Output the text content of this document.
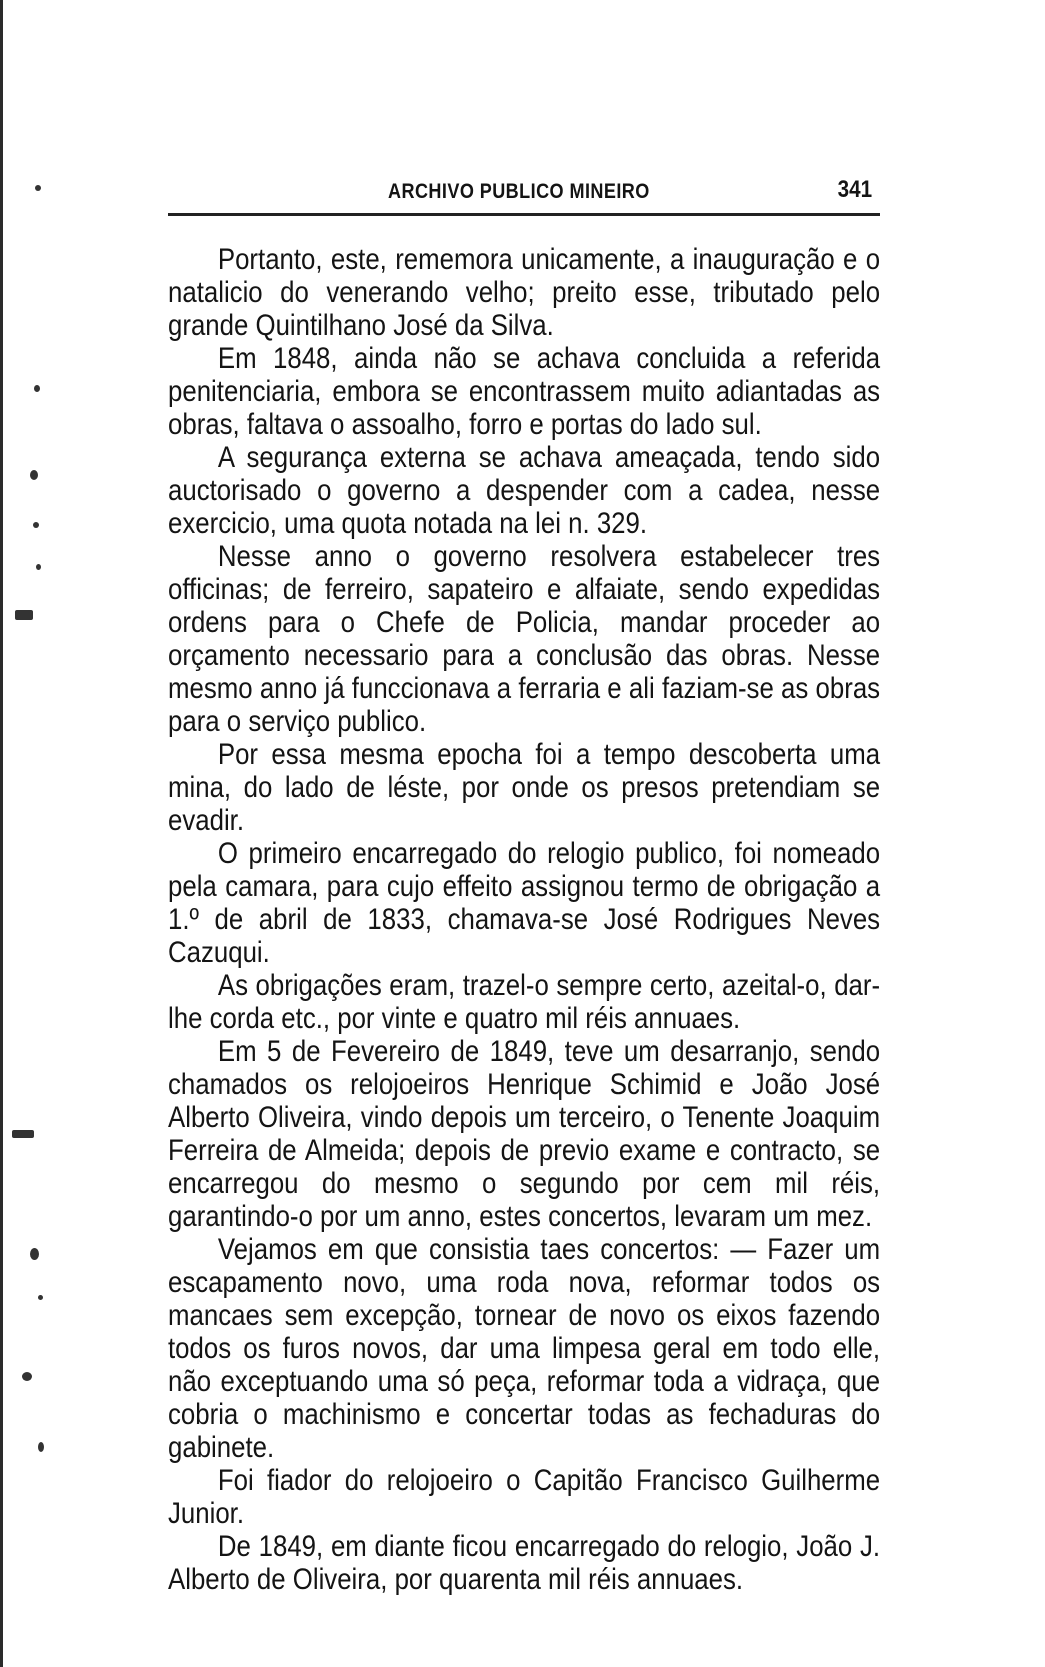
ARCHIVO PUBLICO MINEIRO	341

Portanto, este, rememora unicamente, a inauguração e o natalicio do venerando velho; preito esse, tributado pelo grande Quintilhano José da Silva.

Em 1848, ainda não se achava concluida a referida penitenciaria, embora se encontrassem muito adiantadas as obras, faltava o assoalho, forro e portas do lado sul.

A segurança externa se achava ameaçada, tendo sido auctorisado o governo a despender com a cadea, nesse exercicio, uma quota notada na lei n. 329.

Nesse anno o governo resolvera estabelecer tres officinas; de ferreiro, sapateiro e alfaiate, sendo expedidas ordens para o Chefe de Policia, mandar proceder ao orçamento necessario para a conclusão das obras. Nesse mesmo anno já funccionava a ferraria e ali faziam-se as obras para o serviço publico.

Por essa mesma epocha foi a tempo descoberta uma mina, do lado de léste, por onde os presos pretendiam se evadir.

O primeiro encarregado do relogio publico, foi nomeado pela camara, para cujo effeito assignou termo de obrigação a 1.º de abril de 1833, chamava-se José Rodrigues Neves Cazuqui.

As obrigações eram, trazel-o sempre certo, azeital-o, dar-lhe corda etc., por vinte e quatro mil réis annuaes.

Em 5 de Fevereiro de 1849, teve um desarranjo, sendo chamados os relojoeiros Henrique Schimid e João José Alberto Oliveira, vindo depois um terceiro, o Tenente Joaquim Ferreira de Almeida; depois de previo exame e contracto, se encarregou do mesmo o segundo por cem mil réis, garantindo-o por um anno, estes concertos, levaram um mez.

Vejamos em que consistia taes concertos: — Fazer um escapamento novo, uma roda nova, reformar todos os mancaes sem excepção, tornear de novo os eixos fazendo todos os furos novos, dar uma limpesa geral em todo elle, não exceptuando uma só peça, reformar toda a vidraça, que cobria o machinismo e concertar todas as fechaduras do gabinete.

Foi fiador do relojoeiro o Capitão Francisco Guilherme Junior.

De 1849, em diante ficou encarregado do relogio, João J. Alberto de Oliveira, por quarenta mil réis annuaes.
